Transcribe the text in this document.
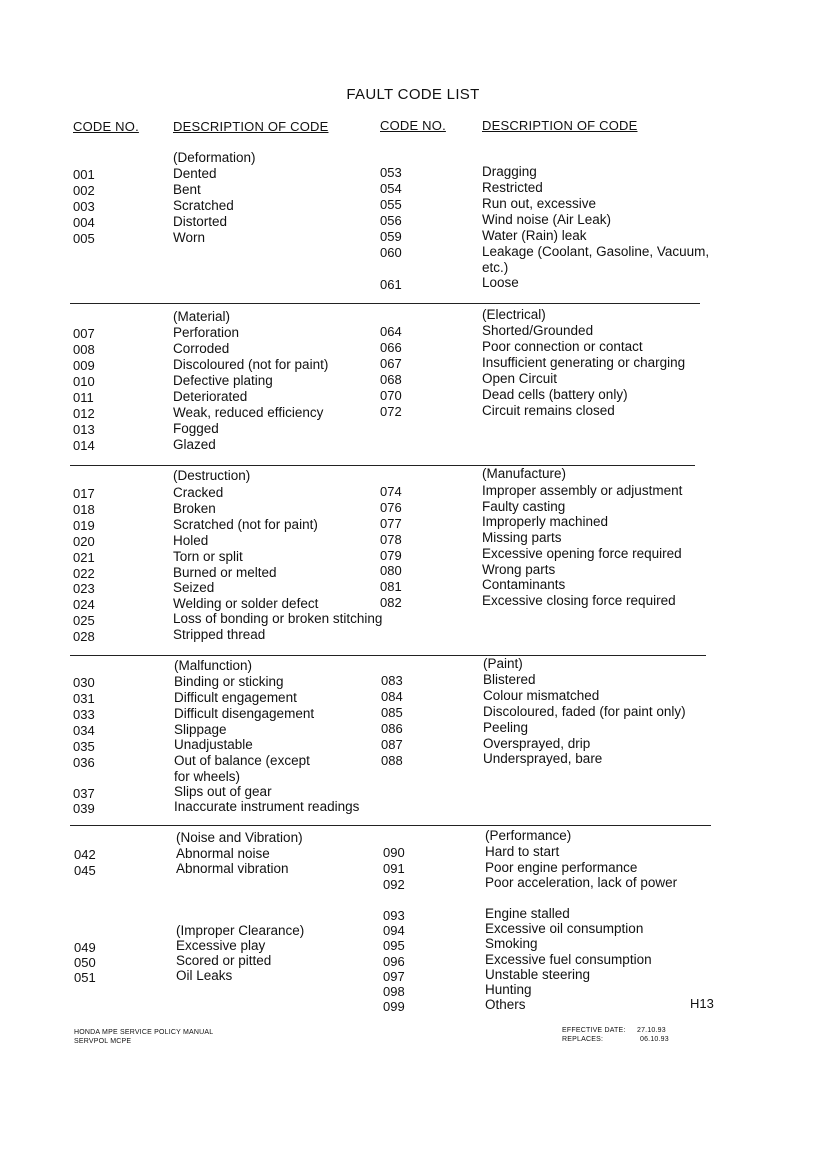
FAULT CODE LIST
CODE NO.	DESCRIPTION OF CODE	CODE NO.	DESCRIPTION OF CODE
(Deformation)
001	Dented
002	Bent
003	Scratched
004	Distorted
005	Worn
053	Dragging
054	Restricted
055	Run out, excessive
056	Wind noise (Air Leak)
059	Water (Rain) leak
060	Leakage (Coolant, Gasoline, Vacuum,
etc.)
061	Loose
(Material)
007	Perforation
008	Corroded
009	Discoloured (not for paint)
010	Defective plating
011	Deteriorated
012	Weak, reduced efficiency
013	Fogged
014	Glazed
(Electrical)
064	Shorted/Grounded
066	Poor connection or contact
067	Insufficient generating or charging
068	Open Circuit
070	Dead cells (battery only)
072	Circuit remains closed
(Destruction)
017	Cracked
018	Broken
019	Scratched (not for paint)
020	Holed
021	Torn or split
022	Burned or melted
023	Seized
024	Welding or solder defect
025	Loss of bonding or broken stitching
028	Stripped thread
(Manufacture)
074	Improper assembly or adjustment
076	Faulty casting
077	Improperly machined
078	Missing parts
079	Excessive opening force required
080	Wrong parts
081	Contaminants
082	Excessive closing force required
(Malfunction)
030	Binding or sticking
031	Difficult engagement
033	Difficult disengagement
034	Slippage
035	Unadjustable
036	Out of balance (except
for wheels)
037	Slips out of gear
039	Inaccurate instrument readings
(Paint)
083	Blistered
084	Colour mismatched
085	Discoloured, faded (for paint only)
086	Peeling
087	Oversprayed, drip
088	Undersprayed, bare
(Noise and Vibration)
042	Abnormal noise
045	Abnormal vibration
(Improper Clearance)
049	Excessive play
050	Scored or pitted
051	Oil Leaks
(Performance)
090	Hard to start
091	Poor engine performance
092	Poor acceleration, lack of power
093	Engine stalled
094	Excessive oil consumption
095	Smoking
096	Excessive fuel consumption
097	Unstable steering
098	Hunting
099	Others	H13
HONDA MPE SERVICE POLICY MANUAL
SERVPOL MCPE
EFFECTIVE DATE: 27.10.93
REPLACES:	06.10.93
